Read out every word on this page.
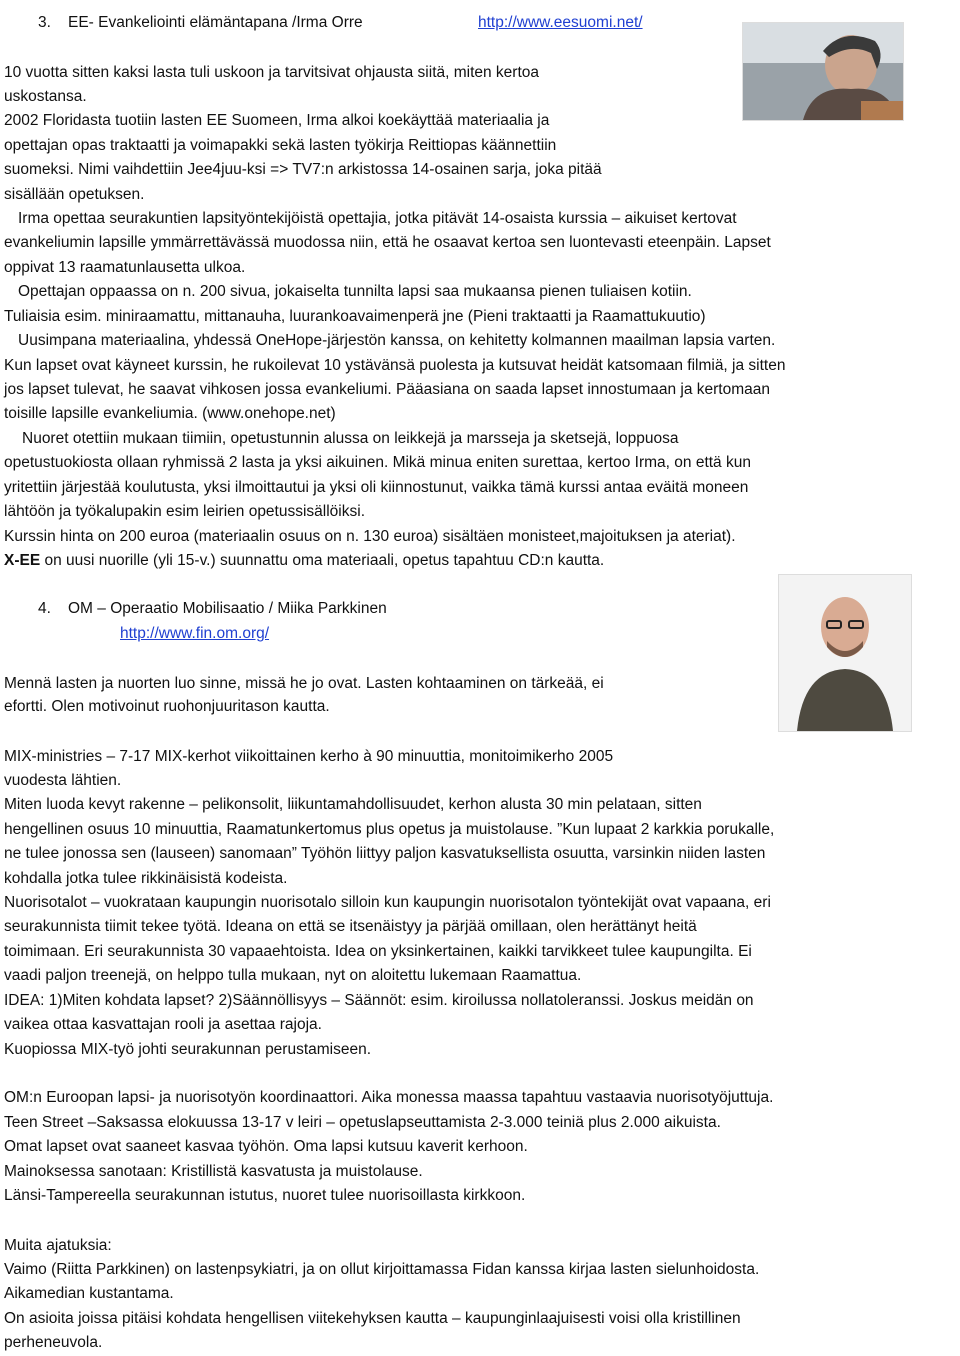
3. EE- Evankeliointi elämäntapana /Irma Orre	http://www.eesuomi.net/
10 vuotta sitten kaksi lasta tuli uskoon ja tarvitsivat ohjausta siitä, miten kertoa
uskostansa.
2002 Floridasta tuotiin lasten EE Suomeen, Irma alkoi koekäyttää materiaalia ja
opettajan opas traktaatti ja voimapakki sekä lasten työkirja Reittiopas käännettiin
suomeksi. Nimi vaihdettiin Jee4juu-ksi => TV7:n arkistossa 14-osainen sarja, joka pitää
sisällään opetuksen.
Irma opettaa seurakuntien lapsityöntekijöistä opettajia, jotka pitävät 14-osaista kurssia – aikuiset kertovat
evankeliumin lapsille ymmärrettävässä muodossa niin, että he osaavat kertoa sen luontevasti eteenpäin. Lapset
oppivat 13 raamatunlausetta ulkoa.
Opettajan oppaassa on n. 200 sivua, jokaiselta tunnilta lapsi saa mukaansa pienen tuliaisen kotiin.
Tuliaisia esim. miniraamattu, mittanauha, luurankoavaimenperä jne (Pieni traktaatti ja Raamattukuutio)
Uusimpana materiaalina, yhdessä OneHope-järjestön kanssa, on kehitetty kolmannen maailman lapsia varten.
Kun lapset ovat käyneet kurssin, he rukoilevat 10 ystävänsä puolesta ja kutsuvat heidät katsomaan filmiä, ja sitten
jos lapset tulevat, he saavat vihkosen jossa evankeliumi. Pääasiana on saada lapset innostumaan ja kertomaan
toisille lapsille evankeliumia. (www.onehope.net)
Nuoret otettiin mukaan tiimiin, opetustunnin alussa on leikkejä ja marsseja ja sketsejä, loppuosa
opetustuokiosta ollaan ryhmissä 2 lasta ja yksi aikuinen. Mikä minua eniten surettaa, kertoo Irma, on että kun
yritettiin järjestää koulutusta, yksi ilmoittautui ja yksi oli kiinnostunut, vaikka tämä kurssi antaa eväitä moneen
lähtöön ja työkalupakin esim leirien opetussisällöiksi.
Kurssin hinta on 200 euroa (materiaalin osuus on n. 130 euroa) sisältäen monisteet,majoituksen ja ateriat).
X-EE on uusi nuorille (yli 15-v.) suunnattu oma materiaali, opetus tapahtuu CD:n kautta.
4. OM – Operaatio Mobilisaatio / Miika Parkkinen
http://www.fin.om.org/
Mennä lasten ja nuorten luo sinne, missä he jo ovat. Lasten kohtaaminen on tärkeää, ei
efortti. Olen motivoinut ruohonjuuritason kautta.
MIX-ministries – 7-17 MIX-kerhot viikoittainen kerho à 90 minuuttia, monitoimikerho 2005
vuodesta lähtien.
Miten luoda kevyt rakenne – pelikonsolit, liikuntamahdollisuudet, kerhon alusta 30 min pelataan, sitten
hengellinen osuus 10 minuuttia, Raamatunkertomus plus opetus ja muistolause. ”Kun lupaat 2 karkkia porukalle,
ne tulee jonossa sen (lauseen) sanomaan” Työhön liittyy paljon kasvatuksellista osuutta, varsinkin niiden lasten
kohdalla jotka tulee rikkinäisistä kodeista.
Nuorisotalot – vuokrataan kaupungin nuorisotalo silloin kun kaupungin nuorisotalon työntekijät ovat vapaana, eri
seurakunnista tiimit tekee työtä. Ideana on että se itsenäistyy ja pärjää omillaan, olen herättänyt heitä
toimimaan. Eri seurakunnista 30 vapaaehtoista. Idea on yksinkertainen, kaikki tarvikkeet tulee kaupungilta. Ei
vaadi paljon treenejä, on helppo tulla mukaan, nyt on aloitettu lukemaan Raamattua.
IDEA: 1)Miten kohdata lapset? 2)Säännöllisyys – Säännöt: esim. kiroilussa nollatoleranssi. Joskus meidän on
vaikea ottaa kasvattajan rooli ja asettaa rajoja.
Kuopiossa MIX-työ johti seurakunnan perustamiseen.
OM:n Euroopan lapsi- ja nuorisotyön koordinaattori. Aika monessa maassa tapahtuu vastaavia nuorisotyöjuttuja.
Teen Street –Saksassa elokuussa 13-17 v leiri – opetuslapseuttamista 2-3.000 teiniä plus 2.000 aikuista.
Omat lapset ovat saaneet kasvaa työhön. Oma lapsi kutsuu kaverit kerhoon.
Mainoksessa sanotaan: Kristillistä kasvatusta ja muistolause.
Länsi-Tampereella seurakunnan istutus, nuoret tulee nuorisoillasta kirkkoon.
Muita ajatuksia:
Vaimo (Riitta Parkkinen) on lastenpsykiatri, ja on ollut kirjoittamassa Fidan kanssa kirjaa lasten sielunhoidosta.
Aikamedian kustantama.
On asioita joissa pitäisi kohdata hengellisen viitekehyksen kautta – kaupunginlaajuisesti voisi olla kristillinen
perheneuvola.
